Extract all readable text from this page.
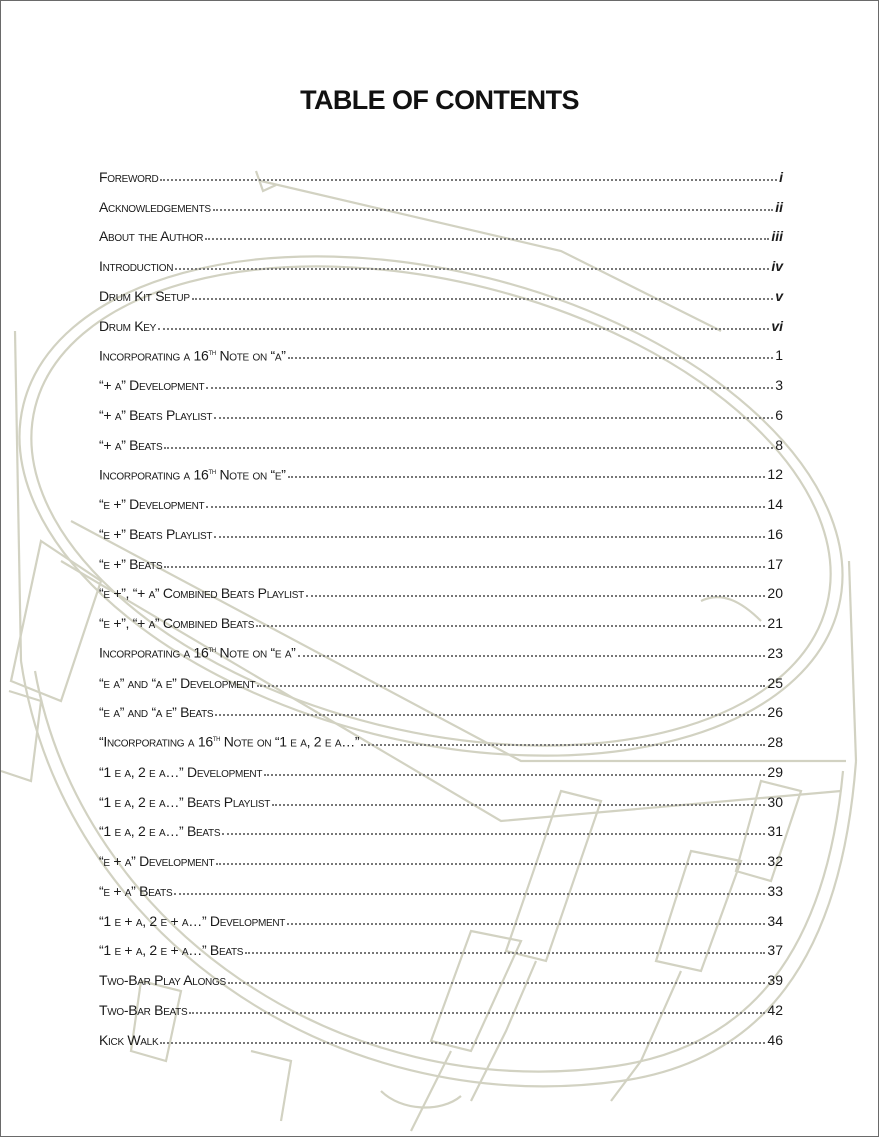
TABLE OF CONTENTS
Foreword	i
Acknowledgements	ii
About the Author	iii
Introduction	iv
Drum Kit Setup	v
Drum Key	vi
Incorporating a 16th Note on “a”	1
“+ a” Development	3
“+ a” Beats Playlist	6
“+ a” Beats	8
Incorporating a 16th Note on “e”	12
“e +” Development	14
“e +” Beats Playlist	16
“e +” Beats	17
“e +”, “+ a” Combined Beats Playlist	20
“e +”, “+ a” Combined Beats	21
Incorporating a 16th Note on “e a”	23
“e a” and “a e” Development	25
“e a” and “a e” Beats	26
“Incorporating a 16th Note on “1 e a, 2 e a…”	28
“1 e a, 2 e a…” Development	29
“1 e a, 2 e a…” Beats Playlist	30
“1 e a, 2 e a…” Beats	31
“e + a” Development	32
“e + a” Beats	33
“1 e + a, 2 e + a…” Development	34
“1 e + a, 2 e + a…” Beats	37
Two-Bar Play Alongs	39
Two-Bar Beats	42
Kick Walk	46
